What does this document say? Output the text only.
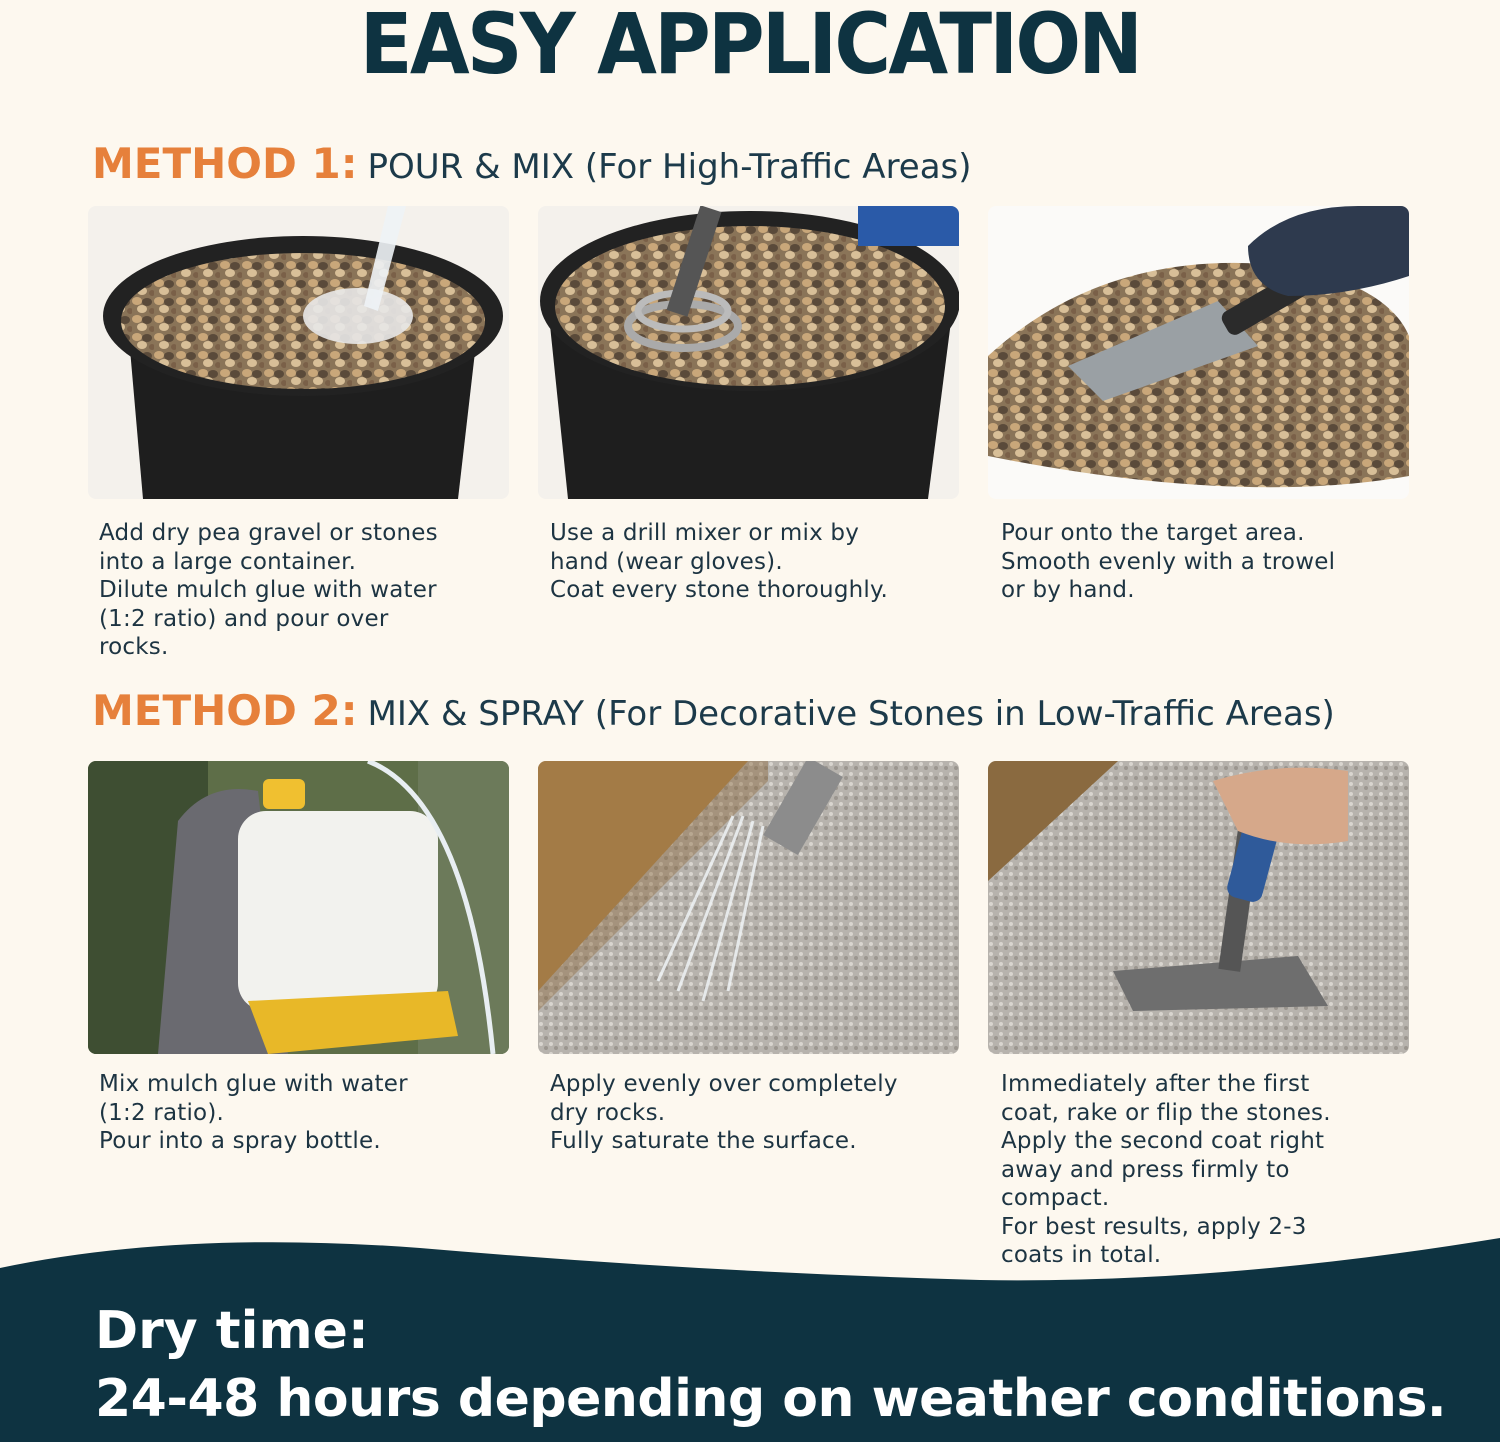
EASY APPLICATION
METHOD 1: POUR & MIX (For High-Traffic Areas)
Add dry pea gravel or stones
into a large container.
Dilute mulch glue with water
(1:2 ratio) and pour over
rocks.
Use a drill mixer or mix by
hand (wear gloves).
Coat every stone thoroughly.
Pour onto the target area.
Smooth evenly with a trowel
or by hand.
METHOD 2: MIX & SPRAY (For Decorative Stones in Low-Traffic Areas)
Mix mulch glue with water
(1:2 ratio).
Pour into a spray bottle.
Apply evenly over completely
dry rocks.
Fully saturate the surface.
Immediately after the first
coat, rake or flip the stones.
Apply the second coat right
away and press firmly to
compact.
For best results, apply 2-3
coats in total.
Dry time:
24-48 hours depending on weather conditions.
